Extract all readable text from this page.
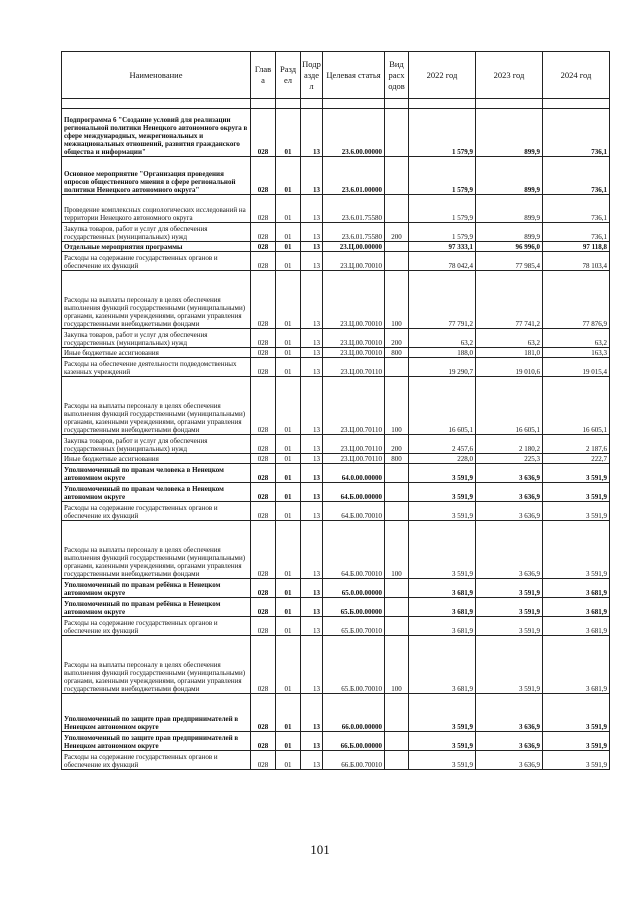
Наименование	Глав а	Разд ел	Подр азде л	Целевая статья	Вид расх одов	2022 год	2023 год	2024 год

Подпрограмма 6 "Создание условий для реализации региональной политики Ненецкого автономного округа в сфере международных, межрегиональных и межнациональных отношений, развития гражданского общества и информации"	028	01	13	23.6.00.00000		1 579,9	899,9	736,1
Основное мероприятие "Организация проведения опросов общественного мнения в сфере региональной политики Ненецкого автономного округа"	028	01	13	23.6.01.00000		1 579,9	899,9	736,1
Проведение комплексных социологических исследований на территории Ненецкого автономного округа	028	01	13	23.6.01.75580		1 579,9	899,9	736,1
Закупка товаров, работ и услуг для обеспечения государственных (муниципальных) нужд	028	01	13	23.6.01.75580	200	1 579,9	899,9	736,1
Отдельные мероприятия программы	028	01	13	23.Ц.00.00000		97 333,1	96 996,0	97 118,8
Расходы на содержание государственных органов и обеспечение их функций	028	01	13	23.Ц.00.70010		78 042,4	77 985,4	78 103,4
Расходы на выплаты персоналу в целях обеспечения выполнения функций государственными (муниципальными) органами, казенными учреждениями, органами управления государственными внебюджетными фондами	028	01	13	23.Ц.00.70010	100	77 791,2	77 741,2	77 876,9
Закупка товаров, работ и услуг для обеспечения государственных (муниципальных) нужд	028	01	13	23.Ц.00.70010	200	63,2	63,2	63,2
Иные бюджетные ассигнования	028	01	13	23.Ц.00.70010	800	188,0	181,0	163,3
Расходы на обеспечение деятельности подведомственных казенных учреждений	028	01	13	23.Ц.00.70110		19 290,7	19 010,6	19 015,4
Расходы на выплаты персоналу в целях обеспечения выполнения функций государственными (муниципальными) органами, казенными учреждениями, органами управления государственными внебюджетными фондами	028	01	13	23.Ц.00.70110	100	16 605,1	16 605,1	16 605,1
Закупка товаров, работ и услуг для обеспечения государственных (муниципальных) нужд	028	01	13	23.Ц.00.70110	200	2 457,6	2 180,2	2 187,6
Иные бюджетные ассигнования	028	01	13	23.Ц.00.70110	800	228,0	225,3	222,7
Уполномоченный по правам человека в Ненецком автономном округе	028	01	13	64.0.00.00000		3 591,9	3 636,9	3 591,9
Уполномоченный по правам человека в Ненецком автономном округе	028	01	13	64.Б.00.00000		3 591,9	3 636,9	3 591,9
Расходы на содержание государственных органов и обеспечение их функций	028	01	13	64.Б.00.70010		3 591,9	3 636,9	3 591,9
Расходы на выплаты персоналу в целях обеспечения выполнения функций государственными (муниципальными) органами, казенными учреждениями, органами управления государственными внебюджетными фондами	028	01	13	64.Б.00.70010	100	3 591,9	3 636,9	3 591,9
Уполномоченный по правам ребёнка в Ненецком автономном округе	028	01	13	65.0.00.00000		3 681,9	3 591,9	3 681,9
Уполномоченный по правам ребёнка в Ненецком автономном округе	028	01	13	65.Б.00.00000		3 681,9	3 591,9	3 681,9
Расходы на содержание государственных органов и обеспечение их функций	028	01	13	65.Б.00.70010		3 681,9	3 591,9	3 681,9
Расходы на выплаты персоналу в целях обеспечения выполнения функций государственными (муниципальными) органами, казенными учреждениями, органами управления государственными внебюджетными фондами	028	01	13	65.Б.00.70010	100	3 681,9	3 591,9	3 681,9
Уполномоченный по защите прав предпринимателей в Ненецком автономном округе	028	01	13	66.0.00.00000		3 591,9	3 636,9	3 591,9
Уполномоченный по защите прав предпринимателей в Ненецком автономном округе	028	01	13	66.Б.00.00000		3 591,9	3 636,9	3 591,9
Расходы на содержание государственных органов и обеспечение их функций	028	01	13	66.Б.00.70010		3 591,9	3 636,9	3 591,9
101
